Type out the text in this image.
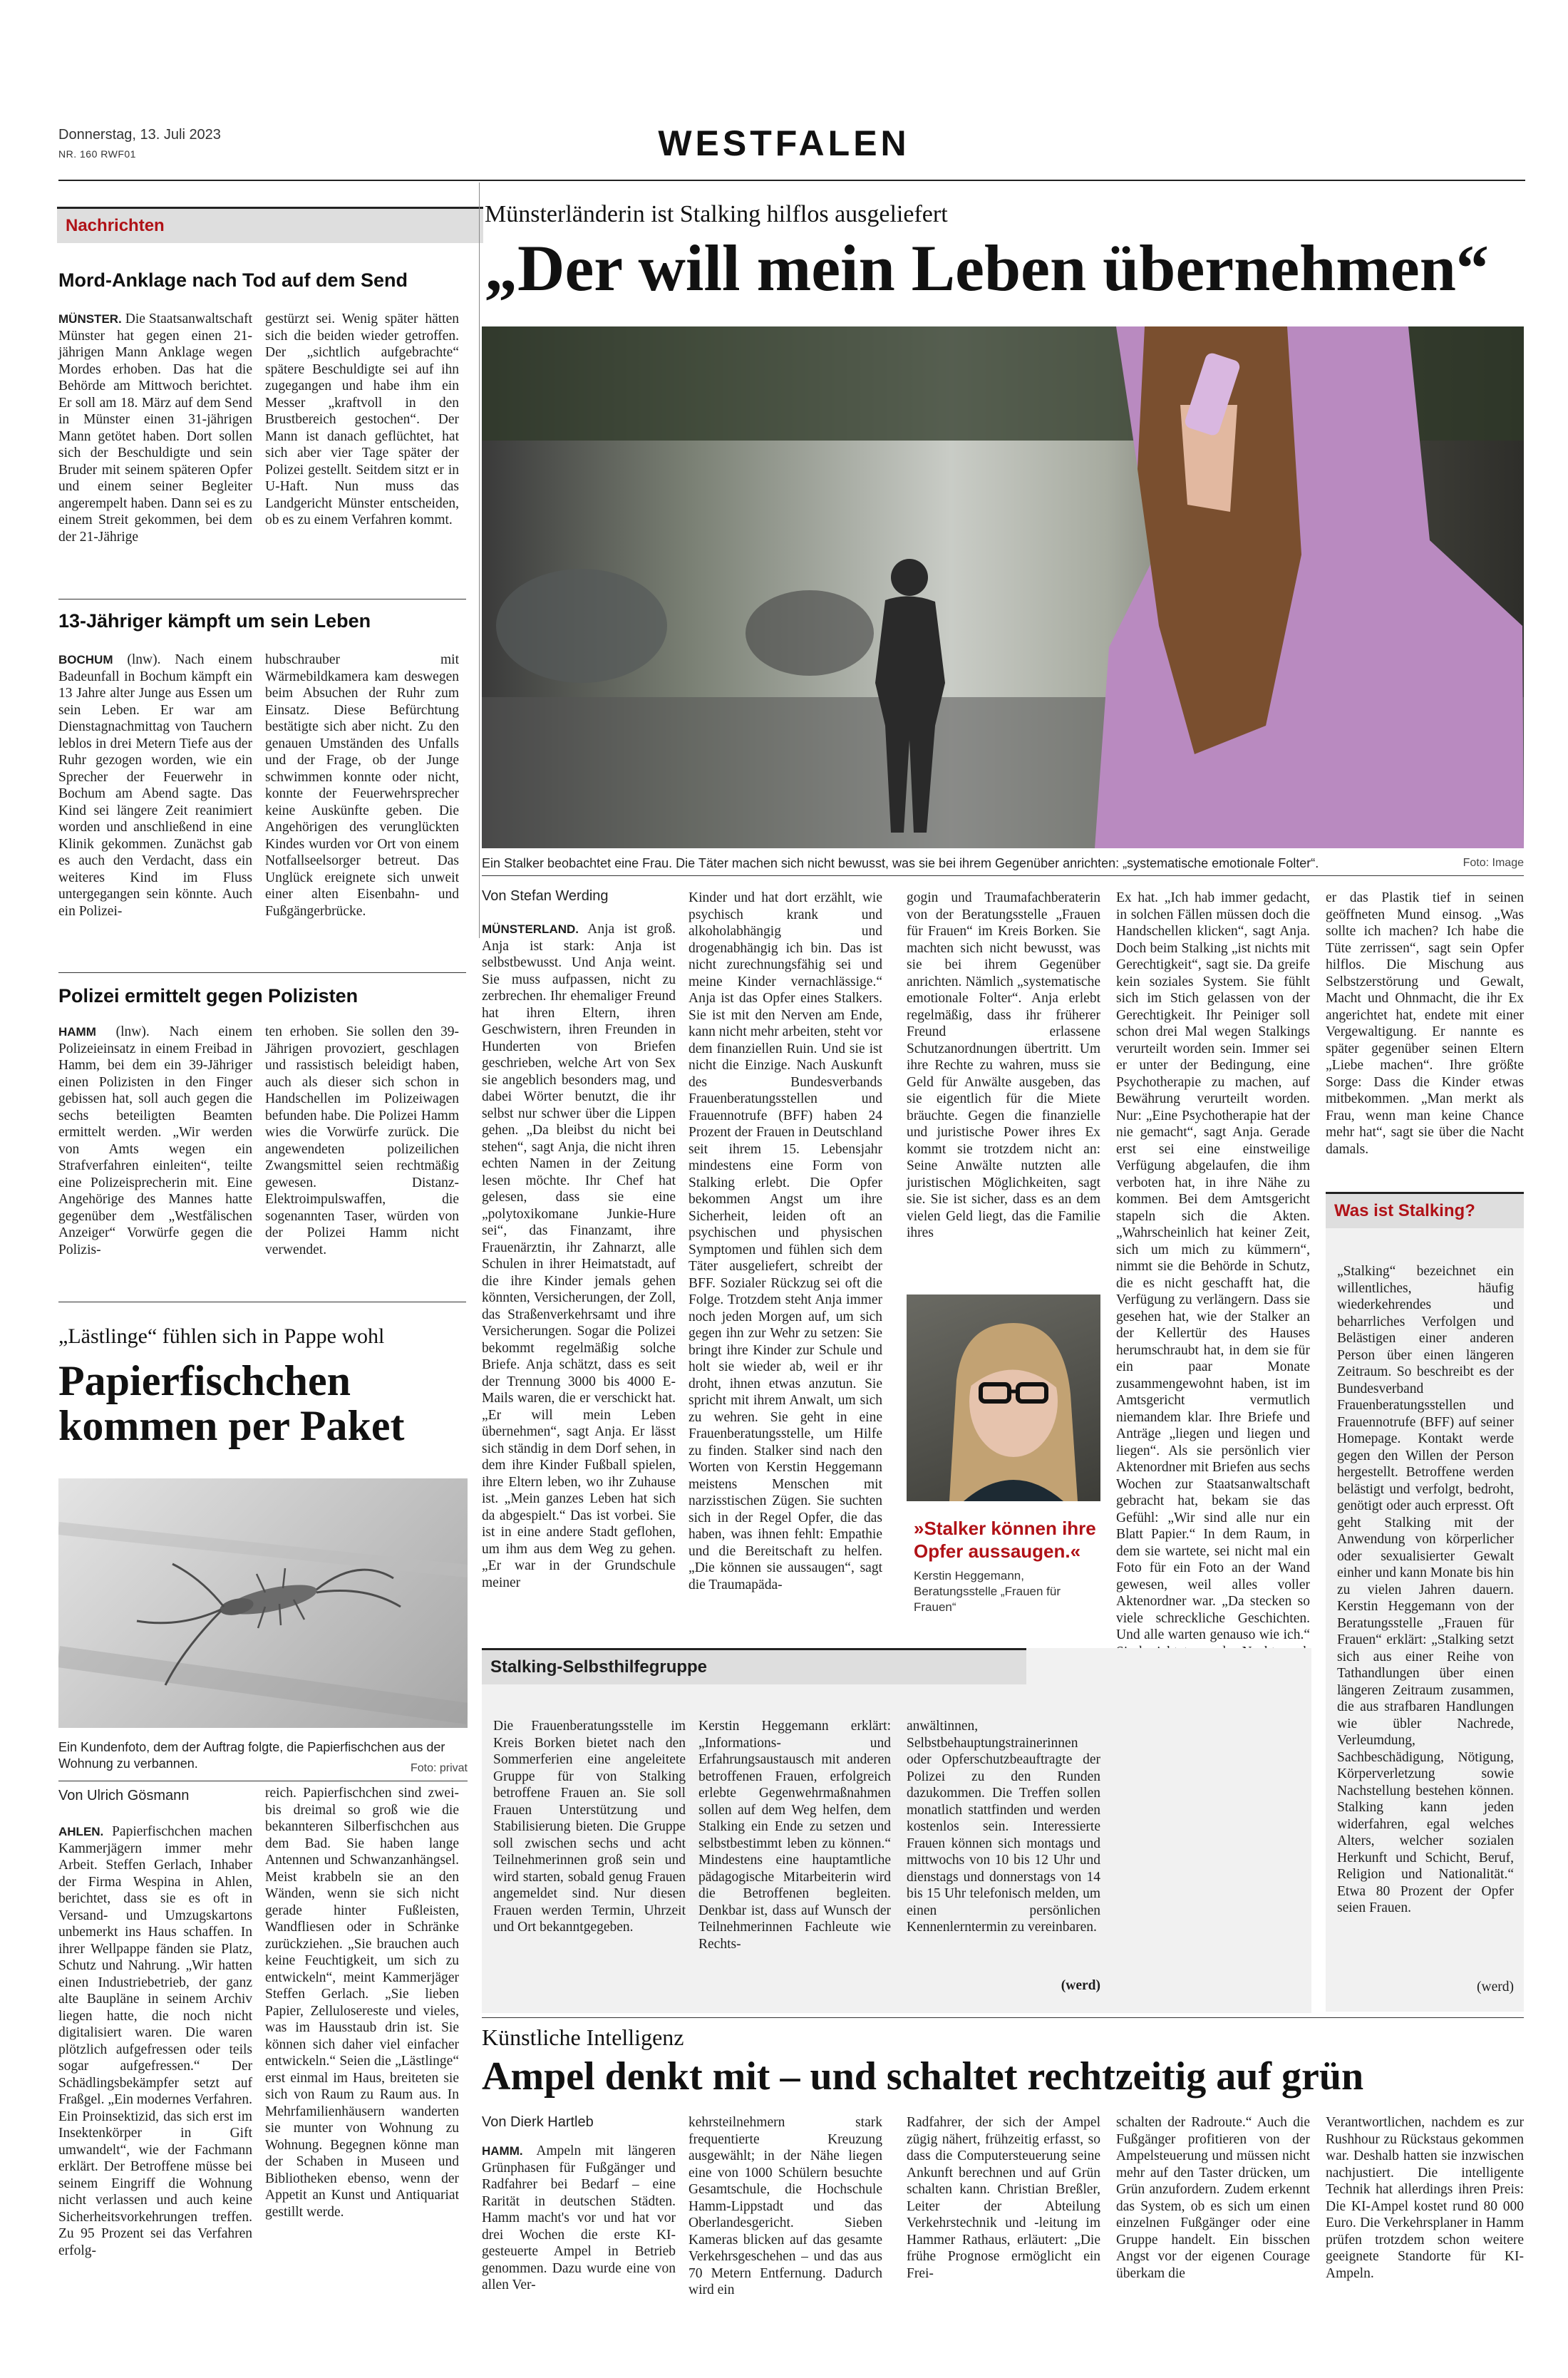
Donnerstag, 13. Juli 2023
NR. 160 RWF01	WESTFALEN
Nachrichten
Mord-Anklage nach Tod auf dem Send
MÜNSTER. Die Staatsanwaltschaft Münster hat gegen einen 21-jährigen Mann Anklage wegen Mordes erhoben. Das hat die Behörde am Mittwoch berichtet. Er soll am 18. März auf dem Send in Münster einen 31-jährigen Mann getötet haben. Dort sollen sich der Beschuldigte und sein Bruder mit seinem späteren Opfer und einem seiner Begleiter angerempelt haben. Dann sei es zu einem Streit gekommen, bei dem der 21-Jährige
gestürzt sei. Wenig später hätten sich die beiden wieder getroffen. Der „sichtlich aufgebrachte“ spätere Beschuldigte sei auf ihn zugegangen und habe ihm ein Messer „kraftvoll in den Brustbereich gestochen“. Der Mann ist danach geflüchtet, hat sich aber vier Tage später der Polizei gestellt. Seitdem sitzt er in U-Haft. Nun muss das Landgericht Münster entscheiden, ob es zu einem Verfahren kommt.
13-Jähriger kämpft um sein Leben
BOCHUM (lnw). Nach einem Badeunfall in Bochum kämpft ein 13 Jahre alter Junge aus Essen um sein Leben. Er war am Dienstagnachmittag von Tauchern leblos in drei Metern Tiefe aus der Ruhr gezogen worden, wie ein Sprecher der Feuerwehr in Bochum am Abend sagte. Das Kind sei längere Zeit reanimiert worden und anschließend in eine Klinik gekommen. Zunächst gab es auch den Verdacht, dass ein weiteres Kind im Fluss untergegangen sein könnte. Auch ein Polizei-
hubschrauber mit Wärmebildkamera kam deswegen beim Absuchen der Ruhr zum Einsatz. Diese Befürchtung bestätigte sich aber nicht. Zu den genauen Umständen des Unfalls und der Frage, ob der Junge schwimmen konnte oder nicht, konnte der Feuerwehrsprecher keine Auskünfte geben. Die Angehörigen des verunglückten Kindes wurden vor Ort von einem Notfallseelsorger betreut. Das Unglück ereignete sich unweit einer alten Eisenbahn- und Fußgängerbrücke.
Polizei ermittelt gegen Polizisten
HAMM (lnw). Nach einem Polizeieinsatz in einem Freibad in Hamm, bei dem ein 39-Jähriger einen Polizisten in den Finger gebissen hat, soll auch gegen die sechs beteiligten Beamten ermittelt werden. „Wir werden von Amts wegen ein Strafverfahren einleiten“, teilte eine Polizeisprecherin mit. Eine Angehörige des Mannes hatte gegenüber dem „Westfälischen Anzeiger“ Vorwürfe gegen die Polizis-
ten erhoben. Sie sollen den 39-Jährigen provoziert, geschlagen und rassistisch beleidigt haben, auch als dieser sich schon in Handschellen im Polizeiwagen befunden habe. Die Polizei Hamm wies die Vorwürfe zurück. Die angewendeten polizeilichen Zwangsmittel seien rechtmäßig gewesen. Distanz-Elektroimpulswaffen, die sogenannten Taser, würden von der Polizei Hamm nicht verwendet.
„Lästlinge“ fühlen sich in Pappe wohl
Papierfischchen
kommen per Paket
Ein Kundenfoto, dem der Auftrag folgte, die Papierfischchen aus der Wohnung zu verbannen.	Foto: privat
Von Ulrich Gösmann
AHLEN. Papierfischchen machen Kammerjägern immer mehr Arbeit. Steffen Gerlach, Inhaber der Firma Wespina in Ahlen, berichtet, dass sie es oft in Versand- und Umzugskartons unbemerkt ins Haus schaffen. In ihrer Wellpappe fänden sie Platz, Schutz und Nahrung. „Wir hatten einen Industriebetrieb, der ganz alte Baupläne in seinem Archiv liegen hatte, die noch nicht digitalisiert waren. Die waren plötzlich aufgefressen oder teils sogar aufgefressen.“ Der Schädlingsbekämpfer setzt auf Fraßgel. „Ein modernes Verfahren. Ein Proinsektizid, das sich erst im Insektenkörper in Gift umwandelt“, wie der Fachmann erklärt. Der Betroffene müsse bei seinem Eingriff die Wohnung nicht verlassen und auch keine Sicherheitsvorkehrungen treffen. Zu 95 Prozent sei das Verfahren erfolg-
reich. Papierfischchen sind zwei- bis dreimal so groß wie die bekannteren Silberfischchen aus dem Bad. Sie haben lange Antennen und Schwanzanhängsel. Meist krabbeln sie an den Wänden, wenn sie sich nicht gerade hinter Fußleisten, Wandfliesen oder in Schränke zurückziehen. „Sie brauchen auch keine Feuchtigkeit, um sich zu entwickeln“, meint Kammerjäger Steffen Gerlach. „Sie lieben Papier, Zellulosereste und vieles, was im Hausstaub drin ist. Sie können sich daher viel einfacher entwickeln.“ Seien die „Lästlinge“ erst einmal im Haus, breiteten sie sich von Raum zu Raum aus. In Mehrfamilienhäusern wanderten sie munter von Wohnung zu Wohnung. Begegnen könne man der Schaben in Museen und Bibliotheken ebenso, wenn der Appetit an Kunst und Antiquariat gestillt werde.
Münsterländerin ist Stalking hilflos ausgeliefert
„Der will mein Leben übernehmen“
Ein Stalker beobachtet eine Frau. Die Täter machen sich nicht bewusst, was sie bei ihrem Gegenüber anrichten: „systematische emotionale Folter“.	Foto: Image
Von Stefan Werding
MÜNSTERLAND. Anja ist groß. Anja ist stark: Anja ist selbstbewusst. Und Anja weint. Sie muss aufpassen, nicht zu zerbrechen. Ihr ehemaliger Freund hat ihren Eltern, ihren Geschwistern, ihren Freunden in Hunderten von Briefen geschrieben, welche Art von Sex sie angeblich besonders mag, und dabei Wörter benutzt, die ihr selbst nur schwer über die Lippen gehen. „Da bleibst du nicht bei stehen“, sagt Anja, die nicht ihren echten Namen in der Zeitung lesen möchte. Ihr Chef hat gelesen, dass sie eine „polytoxikomane Junkie-Hure sei“, das Finanzamt, ihre Frauenärztin, ihr Zahnarzt, alle Schulen in ihrer Heimatstadt, auf die ihre Kinder jemals gehen könnten, Versicherungen, der Zoll, das Straßenverkehrsamt und ihre Versicherungen. Sogar die Polizei bekommt regelmäßig solche Briefe. Anja schätzt, dass es seit der Trennung 3000 bis 4000 E-Mails waren, die er verschickt hat. „Er will mein Leben übernehmen“, sagt Anja. Er lässt sich ständig in dem Dorf sehen, in dem ihre Kinder Fußball spielen, ihre Eltern leben, wo ihr Zuhause ist. „Mein ganzes Leben hat sich da abgespielt.“ Das ist vorbei. Sie ist in eine andere Stadt geflohen, um ihm aus dem Weg zu gehen. „Er war in der Grundschule meiner
Kinder und hat dort erzählt, wie psychisch krank und alkoholabhängig und drogenabhängig ich bin. Das ist nicht zurechnungsfähig sei und meine Kinder vernachlässige.“ Anja ist das Opfer eines Stalkers. Sie ist mit den Nerven am Ende, kann nicht mehr arbeiten, steht vor dem finanziellen Ruin. Und sie ist nicht die Einzige. Nach Auskunft des Bundesverbands Frauenberatungsstellen und Frauennotrufe (BFF) haben 24 Prozent der Frauen in Deutschland seit ihrem 15. Lebensjahr mindestens eine Form von Stalking erlebt. Die Opfer bekommen Angst um ihre Sicherheit, leiden oft an psychischen und physischen Symptomen und fühlen sich dem Täter ausgeliefert, schreibt der BFF. Sozialer Rückzug sei oft die Folge. Trotzdem steht Anja immer noch jeden Morgen auf, um sich gegen ihn zur Wehr zu setzen: Sie bringt ihre Kinder zur Schule und holt sie wieder ab, weil er ihr droht, ihnen etwas anzutun. Sie spricht mit ihrem Anwalt, um sich zu wehren. Sie geht in eine Frauenberatungsstelle, um Hilfe zu finden. Stalker sind nach den Worten von Kerstin Heggemann meistens Menschen mit narzisstischen Zügen. Sie suchten sich in der Regel Opfer, die das haben, was ihnen fehlt: Empathie und die Bereitschaft zu helfen. „Die können sie aussaugen“, sagt die Traumapäda-
gogin und Traumafachberaterin von der Beratungsstelle „Frauen für Frauen“ im Kreis Borken. Sie machten sich nicht bewusst, was sie bei ihrem Gegenüber anrichten. Nämlich „systematische emotionale Folter“. Anja erlebt regelmäßig, dass ihr früherer Freund erlassene Schutzanordnungen übertritt. Um ihre Rechte zu wahren, muss sie Geld für Anwälte ausgeben, das sie eigentlich für die Miete bräuchte. Gegen die finanzielle und juristische Power ihres Ex kommt sie trotzdem nicht an: Seine Anwälte nutzten alle juristischen Möglichkeiten, sagt sie. Sie ist sicher, dass es an dem vielen Geld liegt, das die Familie ihres
»Stalker können ihre Opfer aussaugen.«
Kerstin Heggemann, Beratungsstelle „Frauen für Frauen“
Ex hat. „Ich hab immer gedacht, in solchen Fällen müssen doch die Handschellen klicken“, sagt Anja. Doch beim Stalking „ist nichts mit Gerechtigkeit“, sagt sie. Da greife kein soziales System. Sie fühlt sich im Stich gelassen von der Gerechtigkeit. Ihr Peiniger soll schon drei Mal wegen Stalkings verurteilt worden sein. Immer sei er unter der Bedingung, eine Psychotherapie zu machen, auf Bewährung verurteilt worden. Nur: „Eine Psychotherapie hat der nie gemacht“, sagt Anja. Gerade erst sei eine einstweilige Verfügung abgelaufen, die ihm verboten hat, in ihre Nähe zu kommen. Bei dem Amtsgericht stapeln sich die Akten. „Wahrscheinlich hat keiner Zeit, sich um mich zu kümmern“, nimmt sie die Behörde in Schutz, die es nicht geschafft hat, die Verfügung zu verlängern. Dass sie gesehen hat, wie der Stalker an der Kellertür des Hauses herumschraubt hat, in dem sie für ein paar Monate zusammengewohnt haben, ist im Amtsgericht vermutlich niemandem klar. Ihre Briefe und Anträge „liegen und liegen und liegen“. Als sie persönlich vier Aktenordner mit Briefen aus sechs Wochen zur Staatsanwaltschaft gebracht hat, bekam sie das Gefühl: „Wir sind alle nur ein Blatt Papier.“ In dem Raum, in dem sie wartete, sei nicht mal ein Foto für ein Foto an der Wand gewesen, weil alles voller Aktenordner war. „Da stecken so viele schreckliche Geschichten. Und alle warten genauso wie ich.“
er das Plastik tief in seinen geöffneten Mund einsog. „Was sollte ich machen? Ich habe die Tüte zerrissen“, sagt sein Opfer hilflos. Die Mischung aus Selbstzerstörung und Gewalt, Macht und Ohnmacht, die ihr Ex angerichtet hat, endete mit einer Vergewaltigung. Er nannte es später gegenüber seinen Eltern „Liebe machen“. Ihre größte Sorge: Dass die Kinder etwas mitbekommen. „Man merkt als Frau, wenn man keine Chance mehr hat“, sagt sie über die Nacht damals.
Was ist Stalking?
„Stalking“ bezeichnet ein willentliches, häufig wiederkehrendes und beharrliches Verfolgen und Belästigen einer anderen Person über einen längeren Zeitraum. So beschreibt es der Bundesverband Frauenberatungsstellen und Frauennotrufe (BFF) auf seiner Homepage. Kontakt werde gegen den Willen der Person hergestellt. Betroffene werden belästigt und verfolgt, bedroht, genötigt oder auch erpresst. Oft geht Stalking mit der Anwendung von körperlicher oder sexualisierter Gewalt einher und kann Monate bis hin zu vielen Jahren dauern. Kerstin Heggemann von der Beratungsstelle „Frauen für Frauen“ erklärt: „Stalking setzt sich aus einer Reihe von Tathandlungen über einen längeren Zeitraum zusammen, die aus strafbaren Handlungen wie übler Nachrede, Verleumdung, Sachbeschädigung, Nötigung, Körperverletzung sowie Nachstellung bestehen können. Stalking kann jeden widerfahren, egal welches Alters, welcher sozialen Herkunft und Schicht, Beruf, Religion und Nationalität.“ Etwa 80 Prozent der Opfer seien Frauen.
(werd)
Stalking-Selbsthilfegruppe
Die Frauenberatungsstelle im Kreis Borken bietet nach den Sommerferien eine angeleitete Gruppe für von Stalking betroffene Frauen an. Sie soll Frauen Unterstützung und Stabilisierung bieten. Die Gruppe soll zwischen sechs und acht Teilnehmerinnen groß sein und wird starten, sobald genug Frauen angemeldet sind. Nur diesen Frauen werden Termin, Uhrzeit und Ort bekanntgegeben.
Kerstin Heggemann erklärt: „Informations- und Erfahrungsaustausch mit anderen betroffenen Frauen, erfolgreich erlebte Gegenwehrmaßnahmen sollen auf dem Weg helfen, dem Stalking ein Ende zu setzen und selbstbestimmt leben zu können.“ Mindestens eine hauptamtliche pädagogische Mitarbeiterin wird die Betroffenen begleiten. Denkbar ist, dass auf Wunsch der Teilnehmerinnen Fachleute wie Rechts-
anwältinnen, Selbstbehauptungstrainerinnen oder Opferschutzbeauftragte der Polizei zu den Runden dazukommen. Die Treffen sollen monatlich stattfinden und werden kostenlos sein. Interessierte Frauen können sich montags und mittwochs von 10 bis 12 Uhr und dienstags und donnerstags von 14 bis 15 Uhr telefonisch melden, um einen persönlichen Kennenlerntermin zu vereinbaren.
(werd)
Künstliche Intelligenz
Ampel denkt mit – und schaltet rechtzeitig auf grün
Von Dierk Hartleb
HAMM. Ampeln mit längeren Grünphasen für Fußgänger und Radfahrer bei Bedarf – eine Rarität in deutschen Städten. Hamm macht's vor und hat vor drei Wochen die erste KI-gesteuerte Ampel in Betrieb genommen. Dazu wurde eine von allen Ver-
kehrsteilnehmern stark frequentierte Kreuzung ausgewählt; in der Nähe liegen eine von 1000 Schülern besuchte Gesamtschule, die Hochschule Hamm-Lippstadt und das Oberlandesgericht. Sieben Kameras blicken auf das gesamte Verkehrsgeschehen – und das aus 70 Metern Entfernung. Dadurch wird ein
Radfahrer, der sich der Ampel zügig nähert, frühzeitig erfasst, so dass die Computersteuerung seine Ankunft berechnen und auf Grün schalten kann. Christian Breßler, Leiter der Abteilung Verkehrstechnik und -leitung im Hammer Rathaus, erläutert: „Die frühe Prognose ermöglicht ein Frei-
schalten der Radroute.“ Auch die Fußgänger profitieren von der Ampelsteuerung und müssen nicht mehr auf den Taster drücken, um Grün anzufordern. Zudem erkennt das System, ob es sich um einen einzelnen Fußgänger oder eine Gruppe handelt. Ein bisschen Angst vor der eigenen Courage überkam die
Verantwortlichen, nachdem es zur Rushhour zu Rückstaus gekommen war. Deshalb hatten sie inzwischen nachjustiert. Die intelligente Technik hat allerdings ihren Preis: Die KI-Ampel kostet rund 80 000 Euro. Die Verkehrsplaner in Hamm prüfen trotzdem schon weitere geeignete Standorte für KI-Ampeln.
